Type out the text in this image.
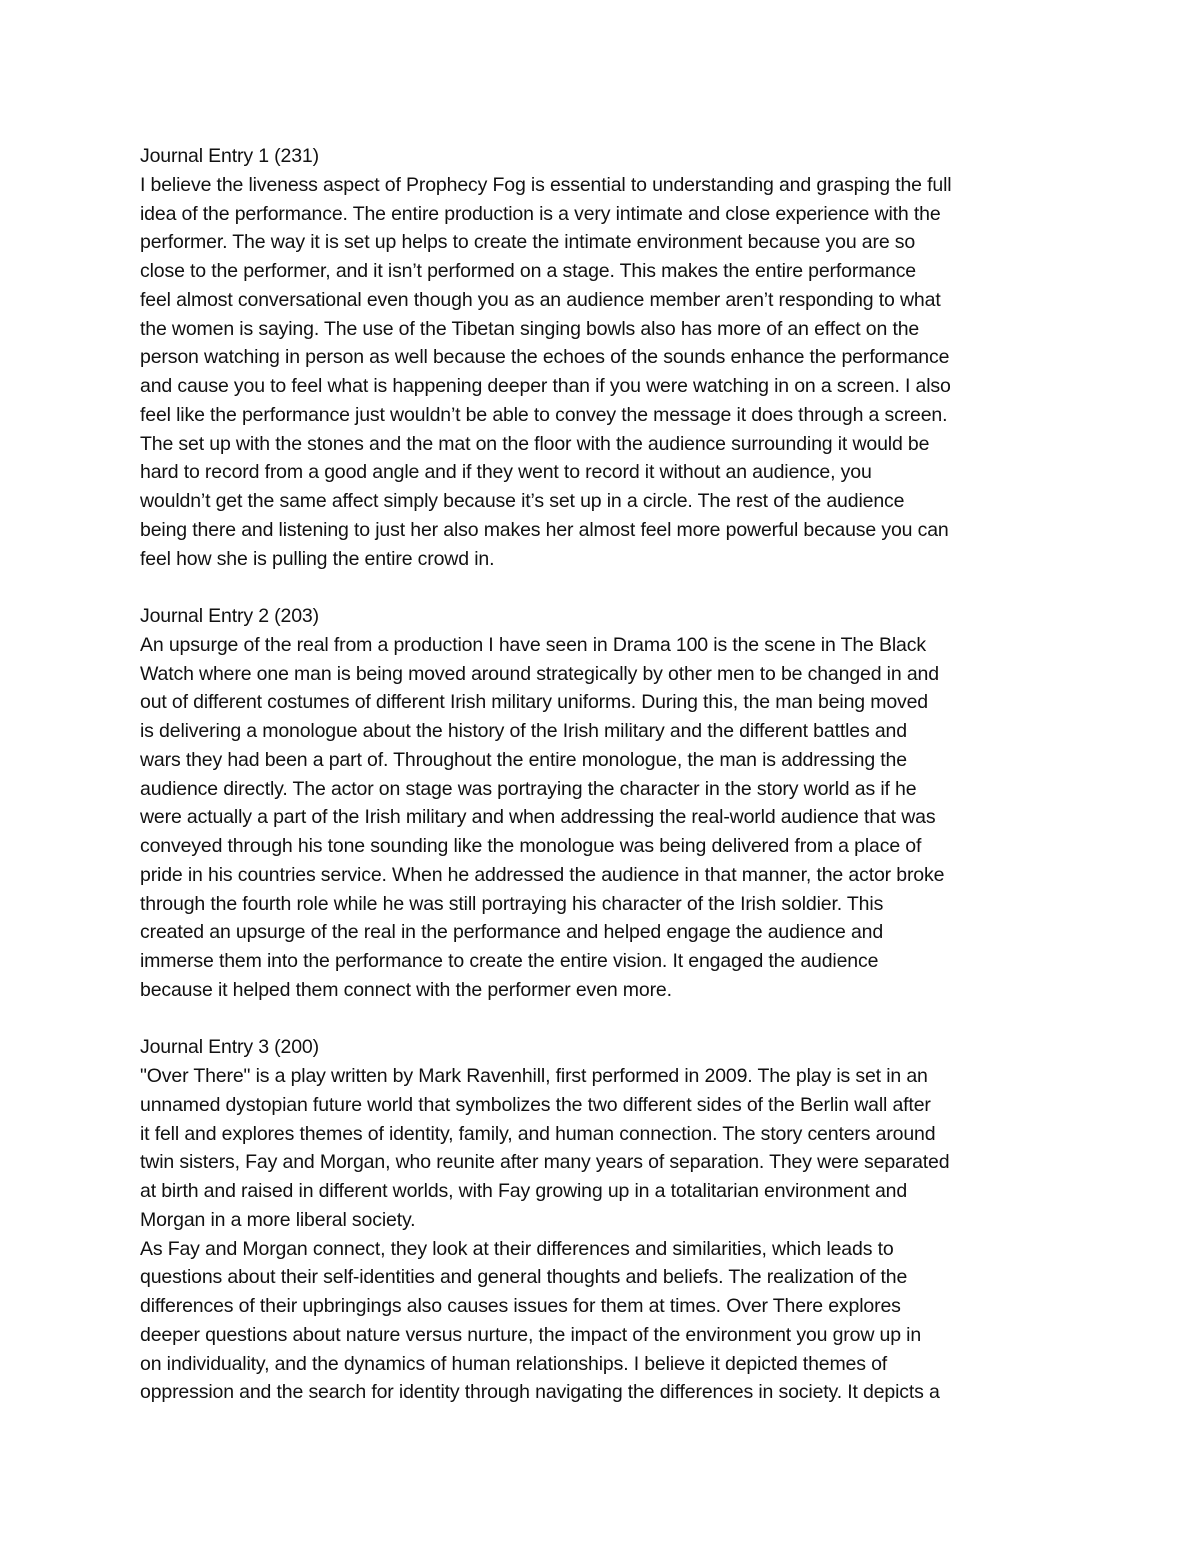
Journal Entry 1 (231)
I believe the liveness aspect of Prophecy Fog is essential to understanding and grasping the full
idea of the performance. The entire production is a very intimate and close experience with the
performer. The way it is set up helps to create the intimate environment because you are so
close to the performer, and it isn’t performed on a stage. This makes the entire performance
feel almost conversational even though you as an audience member aren’t responding to what
the women is saying. The use of the Tibetan singing bowls also has more of an effect on the
person watching in person as well because the echoes of the sounds enhance the performance
and cause you to feel what is happening deeper than if you were watching in on a screen. I also
feel like the performance just wouldn’t be able to convey the message it does through a screen.
The set up with the stones and the mat on the floor with the audience surrounding it would be
hard to record from a good angle and if they went to record it without an audience, you
wouldn’t get the same affect simply because it’s set up in a circle. The rest of the audience
being there and listening to just her also makes her almost feel more powerful because you can
feel how she is pulling the entire crowd in.
Journal Entry 2 (203)
An upsurge of the real from a production I have seen in Drama 100 is the scene in The Black
Watch where one man is being moved around strategically by other men to be changed in and
out of different costumes of different Irish military uniforms. During this, the man being moved
is delivering a monologue about the history of the Irish military and the different battles and
wars they had been a part of. Throughout the entire monologue, the man is addressing the
audience directly. The actor on stage was portraying the character in the story world as if he
were actually a part of the Irish military and when addressing the real-world audience that was
conveyed through his tone sounding like the monologue was being delivered from a place of
pride in his countries service. When he addressed the audience in that manner, the actor broke
through the fourth role while he was still portraying his character of the Irish soldier. This
created an upsurge of the real in the performance and helped engage the audience and
immerse them into the performance to create the entire vision. It engaged the audience
because it helped them connect with the performer even more.
Journal Entry 3 (200)
"Over There" is a play written by Mark Ravenhill, first performed in 2009. The play is set in an
unnamed dystopian future world that symbolizes the two different sides of the Berlin wall after
it fell and explores themes of identity, family, and human connection. The story centers around
twin sisters, Fay and Morgan, who reunite after many years of separation. They were separated
at birth and raised in different worlds, with Fay growing up in a totalitarian environment and
Morgan in a more liberal society.
As Fay and Morgan connect, they look at their differences and similarities, which leads to
questions about their self-identities and general thoughts and beliefs. The realization of the
differences of their upbringings also causes issues for them at times. Over There explores
deeper questions about nature versus nurture, the impact of the environment you grow up in
on individuality, and the dynamics of human relationships. I believe it depicted themes of
oppression and the search for identity through navigating the differences in society. It depicts a
